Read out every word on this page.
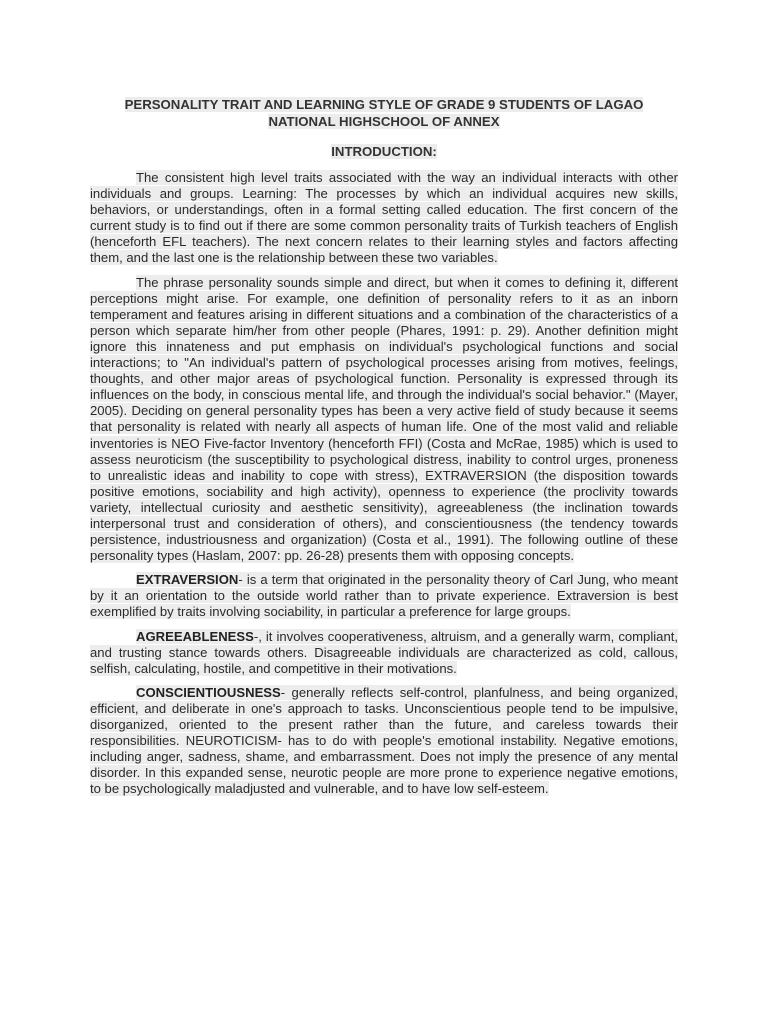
PERSONALITY TRAIT AND LEARNING STYLE OF GRADE 9 STUDENTS OF LAGAO NATIONAL HIGHSCHOOL OF ANNEX
INTRODUCTION:

The consistent high level traits associated with the way an individual interacts with other individuals and groups. Learning: The processes by which an individual acquires new skills, behaviors, or understandings, often in a formal setting called education. The first concern of the current study is to find out if there are some common personality traits of Turkish teachers of English (henceforth EFL teachers). The next concern relates to their learning styles and factors affecting them, and the last one is the relationship between these two variables.

The phrase personality sounds simple and direct, but when it comes to defining it, different perceptions might arise. For example, one definition of personality refers to it as an inborn temperament and features arising in different situations and a combination of the characteristics of a person which separate him/her from other people (Phares, 1991: p. 29). Another definition might ignore this innateness and put emphasis on individual's psychological functions and social interactions; to "An individual's pattern of psychological processes arising from motives, feelings, thoughts, and other major areas of psychological function. Personality is expressed through its influences on the body, in conscious mental life, and through the individual's social behavior." (Mayer, 2005). Deciding on general personality types has been a very active field of study because it seems that personality is related with nearly all aspects of human life. One of the most valid and reliable inventories is NEO Five-factor Inventory (henceforth FFI) (Costa and McRae, 1985) which is used to assess neuroticism (the susceptibility to psychological distress, inability to control urges, proneness to unrealistic ideas and inability to cope with stress), EXTRAVERSION (the disposition towards positive emotions, sociability and high activity), openness to experience (the proclivity towards variety, intellectual curiosity and aesthetic sensitivity), agreeableness (the inclination towards interpersonal trust and consideration of others), and conscientiousness (the tendency towards persistence, industriousness and organization) (Costa et al., 1991). The following outline of these personality types (Haslam, 2007: pp. 26-28) presents them with opposing concepts.

EXTRAVERSION- is a term that originated in the personality theory of Carl Jung, who meant by it an orientation to the outside world rather than to private experience. Extraversion is best exemplified by traits involving sociability, in particular a preference for large groups.

AGREEABLENESS-, it involves cooperativeness, altruism, and a generally warm, compliant, and trusting stance towards others. Disagreeable individuals are characterized as cold, callous, selfish, calculating, hostile, and competitive in their motivations.

CONSCIENTIOUSNESS- generally reflects self-control, planfulness, and being organized, efficient, and deliberate in one's approach to tasks. Unconscientious people tend to be impulsive, disorganized, oriented to the present rather than the future, and careless towards their responsibilities. NEUROTICISM- has to do with people's emotional instability. Negative emotions, including anger, sadness, shame, and embarrassment. Does not imply the presence of any mental disorder. In this expanded sense, neurotic people are more prone to experience negative emotions, to be psychologically maladjusted and vulnerable, and to have low self-esteem.
